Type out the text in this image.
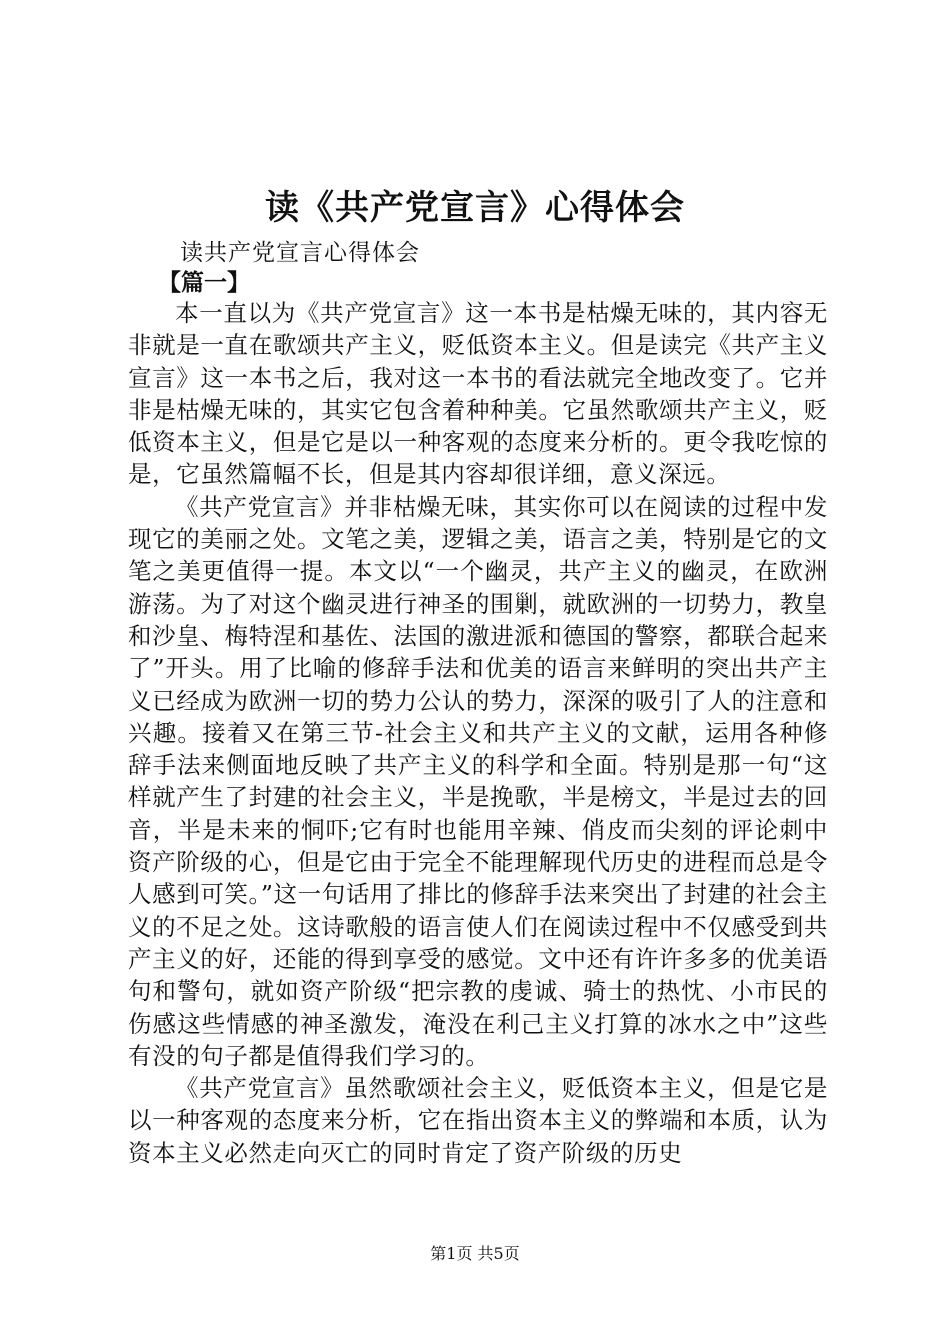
读《共产党宣言》心得体会
读共产党宣言心得体会
【篇一】

本一直以为《共产党宣言》这一本书是枯燥无味的，其内容无非就是一直在歌颂共产主义，贬低资本主义。但是读完《共产主义宣言》这一本书之后，我对这一本书的看法就完全地改变了。它并非是枯燥无味的，其实它包含着种种美。它虽然歌颂共产主义，贬低资本主义，但是它是以一种客观的态度来分析的。更令我吃惊的是，它虽然篇幅不长，但是其内容却很详细，意义深远。

《共产党宣言》并非枯燥无味，其实你可以在阅读的过程中发现它的美丽之处。文笔之美，逻辑之美，语言之美，特别是它的文笔之美更值得一提。本文以“一个幽灵，共产主义的幽灵，在欧洲游荡。为了对这个幽灵进行神圣的围剿，就欧洲的一切势力，教皇和沙皇、梅特涅和基佐、法国的激进派和德国的警察，都联合起来了”开头。用了比喻的修辞手法和优美的语言来鲜明的突出共产主义已经成为欧洲一切的势力公认的势力，深深的吸引了人的注意和兴趣。接着又在第三节-社会主义和共产主义的文献，运用各种修辞手法来侧面地反映了共产主义的科学和全面。特别是那一句“这样就产生了封建的社会主义，半是挽歌，半是榜文，半是过去的回音，半是未来的恫吓;它有时也能用辛辣、俏皮而尖刻的评论刺中资产阶级的心，但是它由于完全不能理解现代历史的进程而总是令人感到可笑。”这一句话用了排比的修辞手法来突出了封建的社会主义的不足之处。这诗歌般的语言使人们在阅读过程中不仅感受到共产主义的好，还能的得到享受的感觉。文中还有许许多多的优美语句和警句，就如资产阶级“把宗教的虔诚、骑士的热忱、小市民的伤感这些情感的神圣激发，淹没在利己主义打算的冰水之中”这些有没的句子都是值得我们学习的。

《共产党宣言》虽然歌颂社会主义，贬低资本主义，但是它是以一种客观的态度来分析，它在指出资本主义的弊端和本质，认为资本主义必然走向灭亡的同时肯定了资产阶级的历史

第1页 共5页
